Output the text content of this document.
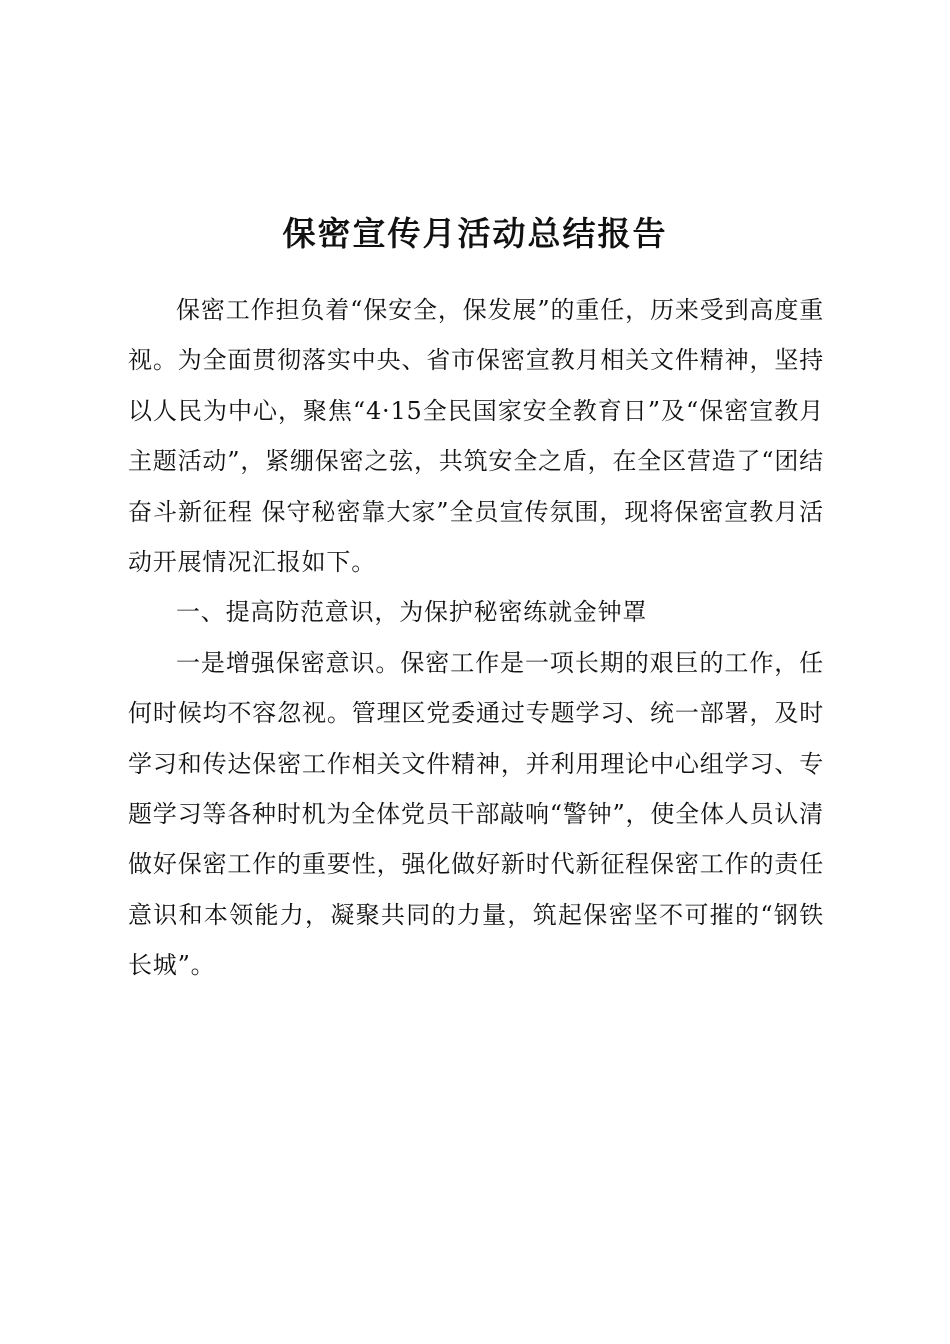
保密宣传月活动总结报告

保密工作担负着“保安全，保发展”的重任，历来受到高度重视。为全面贯彻落实中央、省市保密宣教月相关文件精神，坚持以人民为中心，聚焦“4·15全民国家安全教育日”及“保密宣教月主题活动”，紧绷保密之弦，共筑安全之盾，在全区营造了“团结奋斗新征程 保守秘密靠大家”全员宣传氛围，现将保密宣教月活动开展情况汇报如下。

一、提高防范意识，为保护秘密练就金钟罩

一是增强保密意识。保密工作是一项长期的艰巨的工作，任何时候均不容忽视。管理区党委通过专题学习、统一部署，及时学习和传达保密工作相关文件精神，并利用理论中心组学习、专题学习等各种时机为全体党员干部敲响“警钟”，使全体人员认清做好保密工作的重要性，强化做好新时代新征程保密工作的责任意识和本领能力，凝聚共同的力量，筑起保密坚不可摧的“钢铁长城”。
